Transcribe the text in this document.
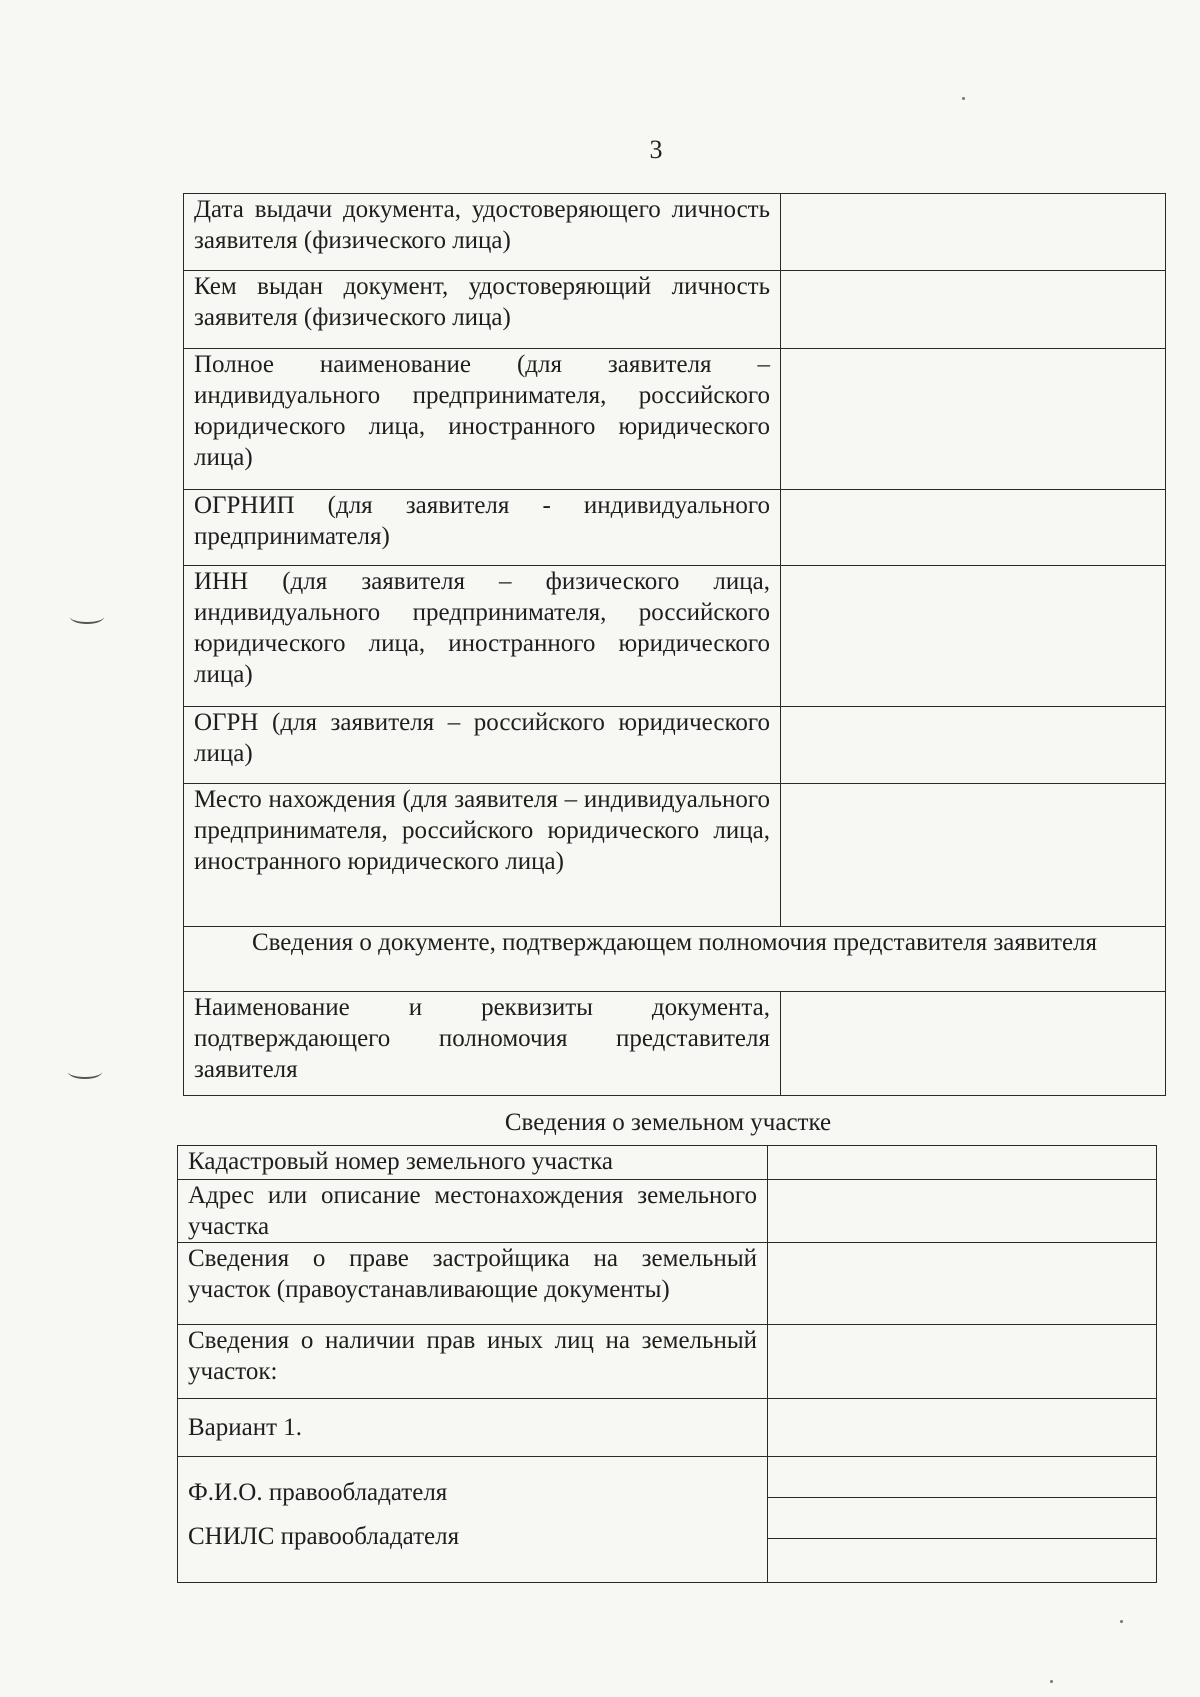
3
Дата выдачи документа, удостоверяющего личность заявителя (физического лица)	
Кем выдан документ, удостоверяющий личность заявителя (физического лица)	
Полное наименование (для заявителя – индивидуального предпринимателя, российского юридического лица, иностранного юридического лица)	
ОГРНИП (для заявителя - индивидуального предпринимателя)	
ИНН (для заявителя – физического лица, индивидуального предпринимателя, российского юридического лица, иностранного юридического лица)	
ОГРН (для заявителя – российского юридического лица)	
Место нахождения (для заявителя – индивидуального предпринимателя, российского юридического лица, иностранного юридического лица)	
Сведения о документе, подтверждающем полномочия представителя заявителя	
Наименование и реквизиты документа, подтверждающего полномочия представителя заявителя	
Сведения о земельном участке
Кадастровый номер земельного участка	
Адрес или описание местонахождения земельного участка	
Сведения о праве застройщика на земельный участок (правоустанавливающие документы)	
Сведения о наличии прав иных лиц на земельный участок:	
Вариант 1.	

Ф.И.О. правообладателя
СНИЛС правообладателя
